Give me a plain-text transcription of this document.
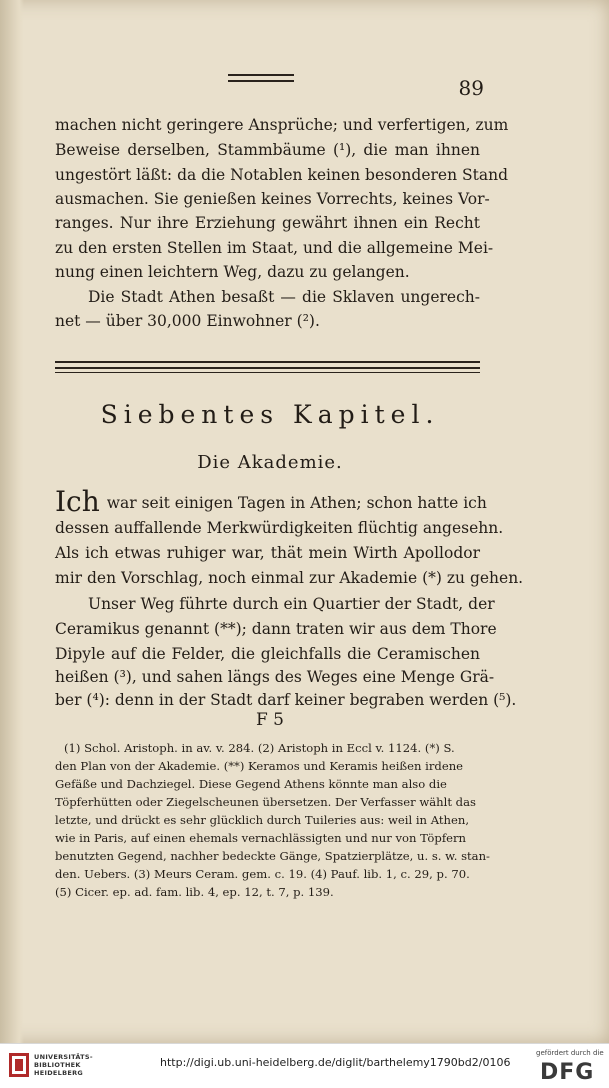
89
machen nicht geringere Ansprüche; und verfertigen, zum
Beweise derselben, Stammbäume (¹), die man ihnen
ungestört läßt: da die Notablen keinen besonderen Stand
ausmachen. Sie genießen keines Vorrechts, keines Vor-
ranges. Nur ihre Erziehung gewährt ihnen ein Recht
zu den ersten Stellen im Staat, und die allgemeine Mei-
nung einen leichtern Weg, dazu zu gelangen.
Die Stadt Athen besaßt — die Sklaven ungerech-
net — über 30,000 Einwohner (²).
Siebentes Kapitel.
Die Akademie.
Ich war seit einigen Tagen in Athen; schon hatte ich
dessen auffallende Merkwürdigkeiten flüchtig angesehn.
Als ich etwas ruhiger war, thät mein Wirth Apollodor
mir den Vorschlag, noch einmal zur Akademie (*) zu gehen.
Unser Weg führte durch ein Quartier der Stadt, der
Ceramikus genannt (**); dann traten wir aus dem Thore
Dipyle auf die Felder, die gleichfalls die Ceramischen
heißen (³), und sahen längs des Weges eine Menge Grä-
ber (⁴): denn in der Stadt darf keiner begraben werden (⁵).
F 5
(1) Schol. Aristoph. in av. v. 284. (2) Aristoph in Eccl v. 1124. (*) S.
den Plan von der Akademie. (**) Keramos und Keramis heißen irdene
Gefäße und Dachziegel. Diese Gegend Athens könnte man also die
Töpferhütten oder Ziegelscheunen übersetzen. Der Verfasser wählt das
letzte, und drückt es sehr glücklich durch Tuileries aus: weil in Athen,
wie in Paris, auf einen ehemals vernachlässigten und nur von Töpfern
benutzten Gegend, nachher bedeckte Gänge, Spatzierplätze, u. s. w. stan-
den. Uebers. (3) Meurs Ceram. gem. c. 19. (4) Pauf. lib. 1, c. 29, p. 70.
(5) Cicer. ep. ad. fam. lib. 4, ep. 12, t. 7, p. 139.
UNIVERSITÄTS-
BIBLIOTHEK
HEIDELBERG
http://digi.ub.uni-heidelberg.de/diglit/barthelemy1790bd2/0106
gefördert durch die
DFG
